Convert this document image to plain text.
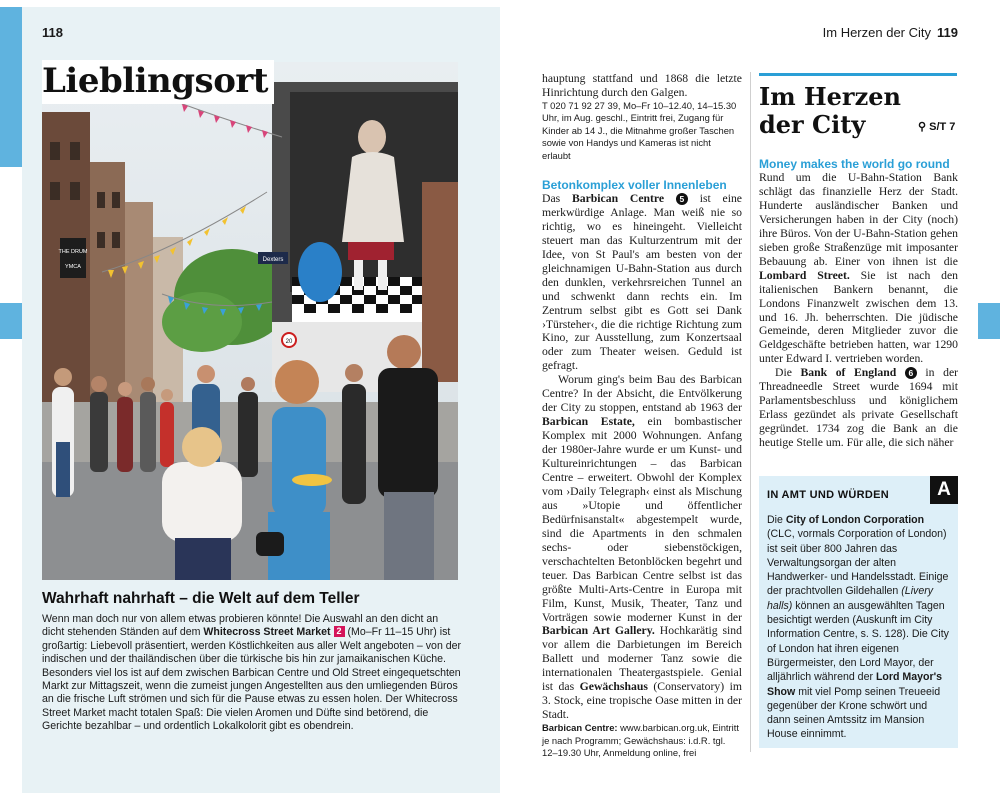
118
THE DRUM
YMCA
Dexters
20
Lieblingsort
Wahrhaft nahrhaft – die Welt auf dem Teller
Wenn man doch nur von allem etwas probieren könnte! Die Auswahl an den dicht an dicht stehenden Ständen auf dem Whitecross Street Market 2 (Mo–Fr 11–15 Uhr) ist großartig: Liebevoll präsentiert, werden Köstlichkeiten aus aller Welt angeboten – von der indischen und der thailändischen über die türkische bis hin zur jamaikanischen Küche. Besonders viel los ist auf dem zwischen Barbican Centre und Old Street eingequetschten Markt zur Mittagszeit, wenn die zumeist jungen Angestellten aus den umliegenden Büros an die frische Luft strömen und sich für die Pause etwas zu essen holen. Der Whitecross Street Market macht totalen Spaß: Die vielen Aromen und Düfte sind betörend, die Gerichte bezahlbar – und ordentlich Lokalkolorit gibt es obendrein.
Im Herzen der City 119

hauptung stattfand und 1868 die letzte Hinrichtung durch den Galgen.

T 020 71 92 27 39, Mo–Fr 10–12.40, 14–15.30 Uhr, im Aug. geschl., Eintritt frei, Zugang für Kinder ab 14 J., die Mitnahme großer Taschen sowie von Handys und Kameras ist nicht erlaubt

Betonkomplex voller Innenleben

Das Barbican Centre 5 ist eine merkwürdige Anlage. Man weiß nie so richtig, wo es hineingeht. Vielleicht steuert man das Kulturzentrum mit der Idee, von St Paul's am besten von der gleichnamigen U-Bahn-Station aus durch den dunklen, verkehrsreichen Tunnel an und schwenkt dann rechts ein. Im Zentrum selbst gibt es Gott sei Dank ›Türsteher‹, die die richtige Richtung zum Kino, zur Ausstellung, zum Konzertsaal oder zum Theater weisen. Geduld ist gefragt.

Worum ging's beim Bau des Barbican Centre? In der Absicht, die Entvölkerung der City zu stoppen, entstand ab 1963 der Barbican Estate, ein bombastischer Komplex mit 2000 Wohnungen. Anfang der 1980er-Jahre wurde er um Kunst- und Kultureinrichtungen – das Barbican Centre – erweitert. Obwohl der Komplex vom ›Daily Telegraph‹ einst als Mischung aus »Utopie und öffentlicher Bedürfnisanstalt« abgestempelt wurde, sind die Apartments in den schmalen sechs- oder siebenstöckigen, verschachtelten Betonblöcken begehrt und teuer. Das Barbican Centre selbst ist das größte Multi-Arts-Centre in Europa mit Film, Kunst, Musik, Theater, Tanz und Vorträgen sowie moderner Kunst in der Barbican Art Gallery. Hochkarätig sind vor allem die Darbietungen im Bereich Ballett und moderner Tanz sowie die internationalen Theatergastspiele. Genial ist das Gewächshaus (Conservatory) im 3. Stock, eine tropische Oase mitten in der Stadt.

Barbican Centre: www.barbican.org.uk, Eintritt je nach Programm; Gewächshaus: i.d.R. tgl. 12–19.30 Uhr, Anmeldung online, frei

Im Herzen der City	⚲ S/T 7
Money makes the world go round

Rund um die U-Bahn-Station Bank schlägt das finanzielle Herz der Stadt. Hunderte ausländischer Banken und Versicherungen haben in der City (noch) ihre Büros. Von der U-Bahn-Station gehen sieben große Straßenzüge mit imposanter Bebauung ab. Einer von ihnen ist die Lombard Street. Sie ist nach den italienischen Bankern benannt, die Londons Finanzwelt zwischen dem 13. und 16. Jh. beherrschten. Die jüdische Gemeinde, deren Mitglieder zuvor die Geldgeschäfte betrieben hatten, war 1290 unter Edward I. vertrieben worden.

Die Bank of England 6 in der Threadneedle Street wurde 1694 mit Parlamentsbeschluss und königlichem Erlass gezündet als private Gesellschaft gegründet. 1734 zog die Bank an die heutige Stelle um. Für alle, die sich näher

IN AMT UND WÜRDEN	A
Die City of London Corporation (CLC, vormals Corporation of London) ist seit über 800 Jahren das Verwaltungsorgan der alten Handwerker- und Handelsstadt. Einige der prachtvollen Gildehallen (Livery halls) können an ausgewählten Tagen besichtigt werden (Auskunft im City Information Centre, s. S. 128). Die City of London hat ihren eigenen Bürgermeister, den Lord Mayor, der alljährlich während der Lord Mayor's Show mit viel Pomp seinen Treueeid gegenüber der Krone schwört und dann seinen Amtssitz im Mansion House einnimmt.
